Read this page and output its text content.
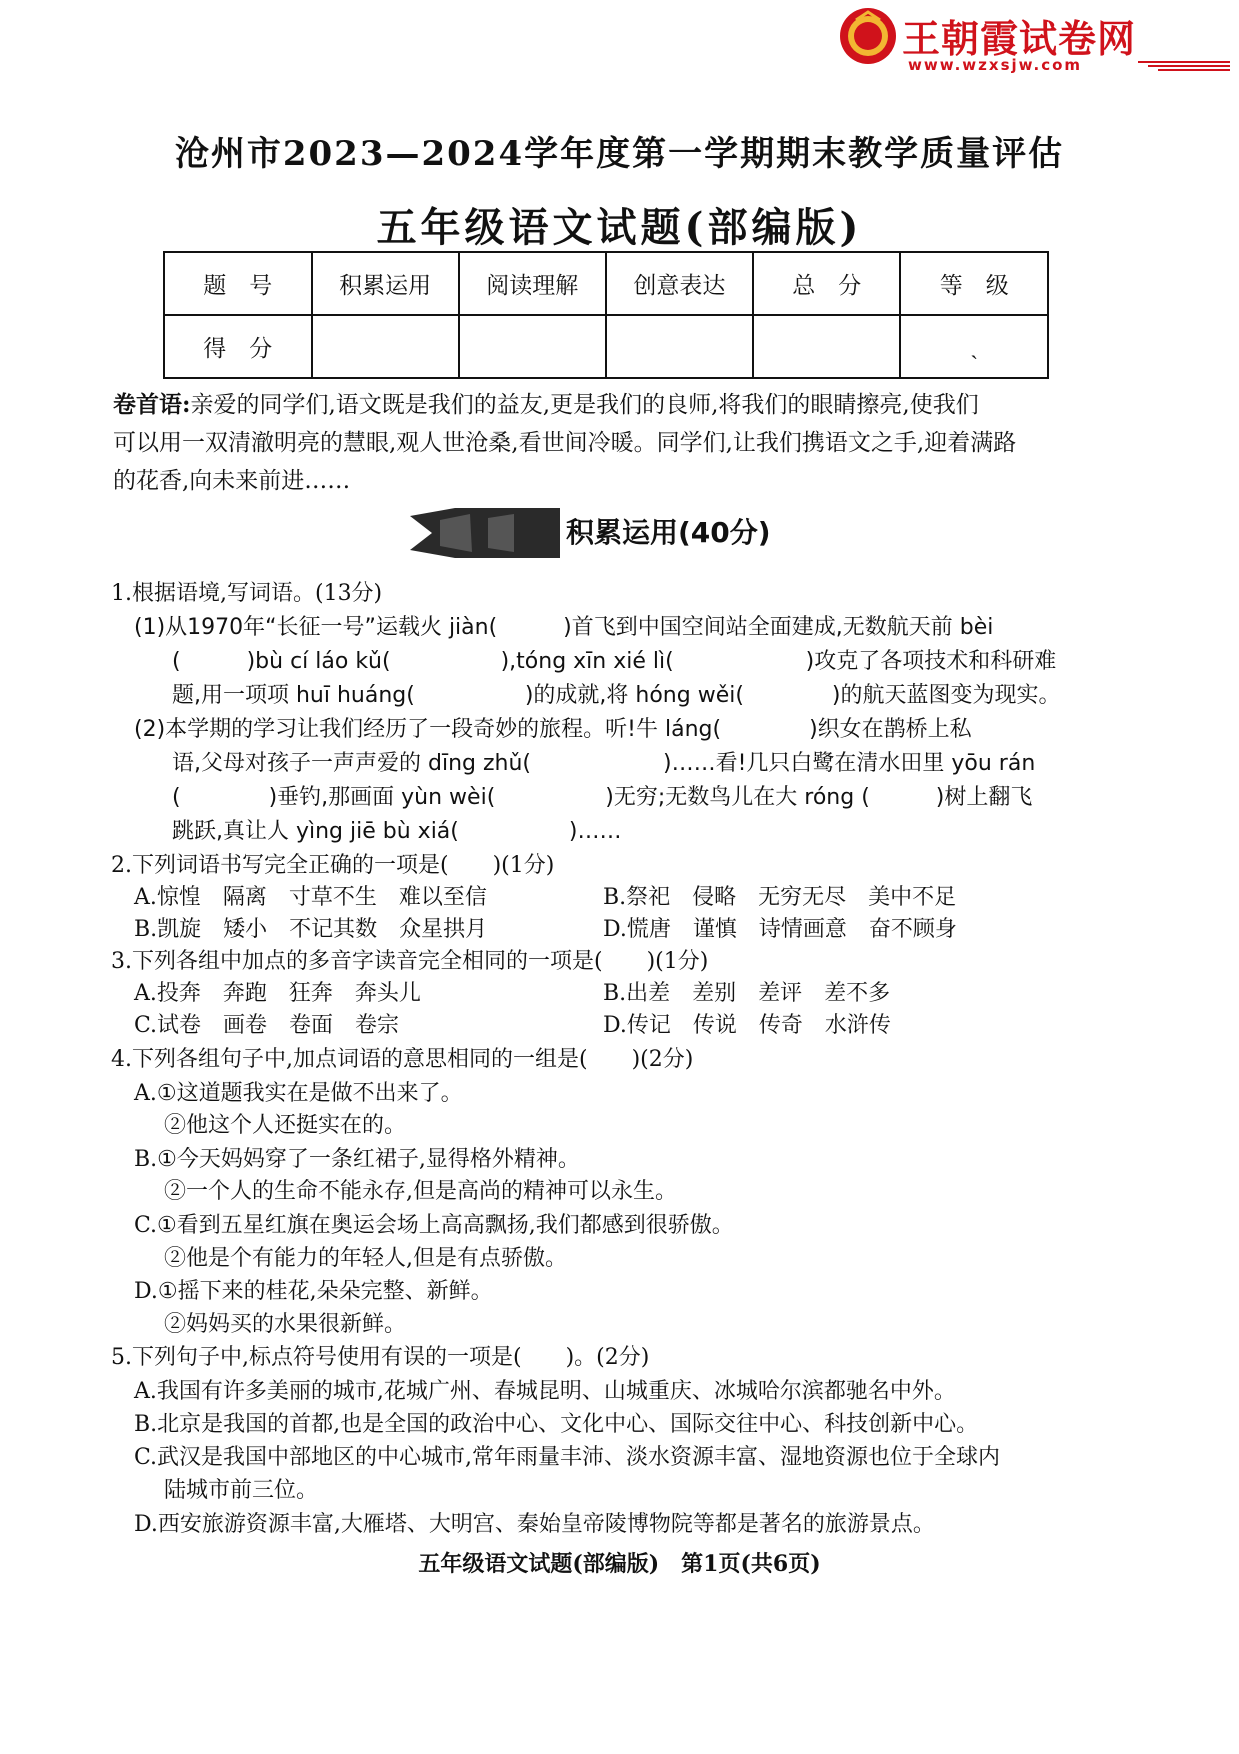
王朝霞试卷网
www.wzxsjw.com
沧州市2023—2024学年度第一学期期末教学质量评估
五年级语文试题(部编版)
题　号	积累运用	阅读理解	创意表达	总　分	等　级
得　分					ˏ
卷首语:亲爱的同学们,语文既是我们的益友,更是我们的良师,将我们的眼睛擦亮,使我们
可以用一双清澈明亮的慧眼,观人世沧桑,看世间冷暖。同学们,让我们携语文之手,迎着满路
的花香,向未来前进……
积累运用(40分)
1.根据语境,写词语。(13分)
(1)从1970年“长征一号”运载火 jiàn(　　　)首飞到中国空间站全面建成,无数航天前 bèi
(　　　)bù cí láo kǔ(　　　　　),tóng xīn xié lì(　　　　　　)攻克了各项技术和科研难
题,用一项项 huī huáng(　　　　　)的成就,将 hóng wěi(　　　　)的航天蓝图变为现实。
(2)本学期的学习让我们经历了一段奇妙的旅程。听!牛 láng(　　　　)织女在鹊桥上私
语,父母对孩子一声声爱的 dīng zhǔ(　　　　　　)……看!几只白鹭在清水田里 yōu rán
(　　　　)垂钓,那画面 yùn wèi(　　　　　)无穷;无数鸟儿在大 róng (　　　)树上翻飞
跳跃,真让人 yìng jiē bù xiá(　　　　　)……
2.下列词语书写完全正确的一项是(　　)(1分)
A.惊惶　隔离　寸草不生　难以至信	B.祭祀　侵略　无穷无尽　美中不足
B.凯旋　矮小　不记其数　众星拱月	D.慌唐　谨慎　诗情画意　奋不顾身
3.下列各组中加点的多音字读音完全相同的一项是(　　)(1分)
A.投奔　奔跑　狂奔　奔头儿	B.出差　差别　差评　差不多
C.试卷　画卷　卷面　卷宗	D.传记　传说　传奇　水浒传
4.下列各组句子中,加点词语的意思相同的一组是(　　)(2分)
A.①这道题我实在是做不出来了。
②他这个人还挺实在的。
B.①今天妈妈穿了一条红裙子,显得格外精神。
②一个人的生命不能永存,但是高尚的精神可以永生。
C.①看到五星红旗在奥运会场上高高飘扬,我们都感到很骄傲。
②他是个有能力的年轻人,但是有点骄傲。
D.①摇下来的桂花,朵朵完整、新鲜。
②妈妈买的水果很新鲜。
5.下列句子中,标点符号使用有误的一项是(　　)。(2分)
A.我国有许多美丽的城市,花城广州、春城昆明、山城重庆、冰城哈尔滨都驰名中外。
B.北京是我国的首都,也是全国的政治中心、文化中心、国际交往中心、科技创新中心。
C.武汉是我国中部地区的中心城市,常年雨量丰沛、淡水资源丰富、湿地资源也位于全球内
陆城市前三位。
D.西安旅游资源丰富,大雁塔、大明宫、秦始皇帝陵博物院等都是著名的旅游景点。
五年级语文试题(部编版)　第1页(共6页)
